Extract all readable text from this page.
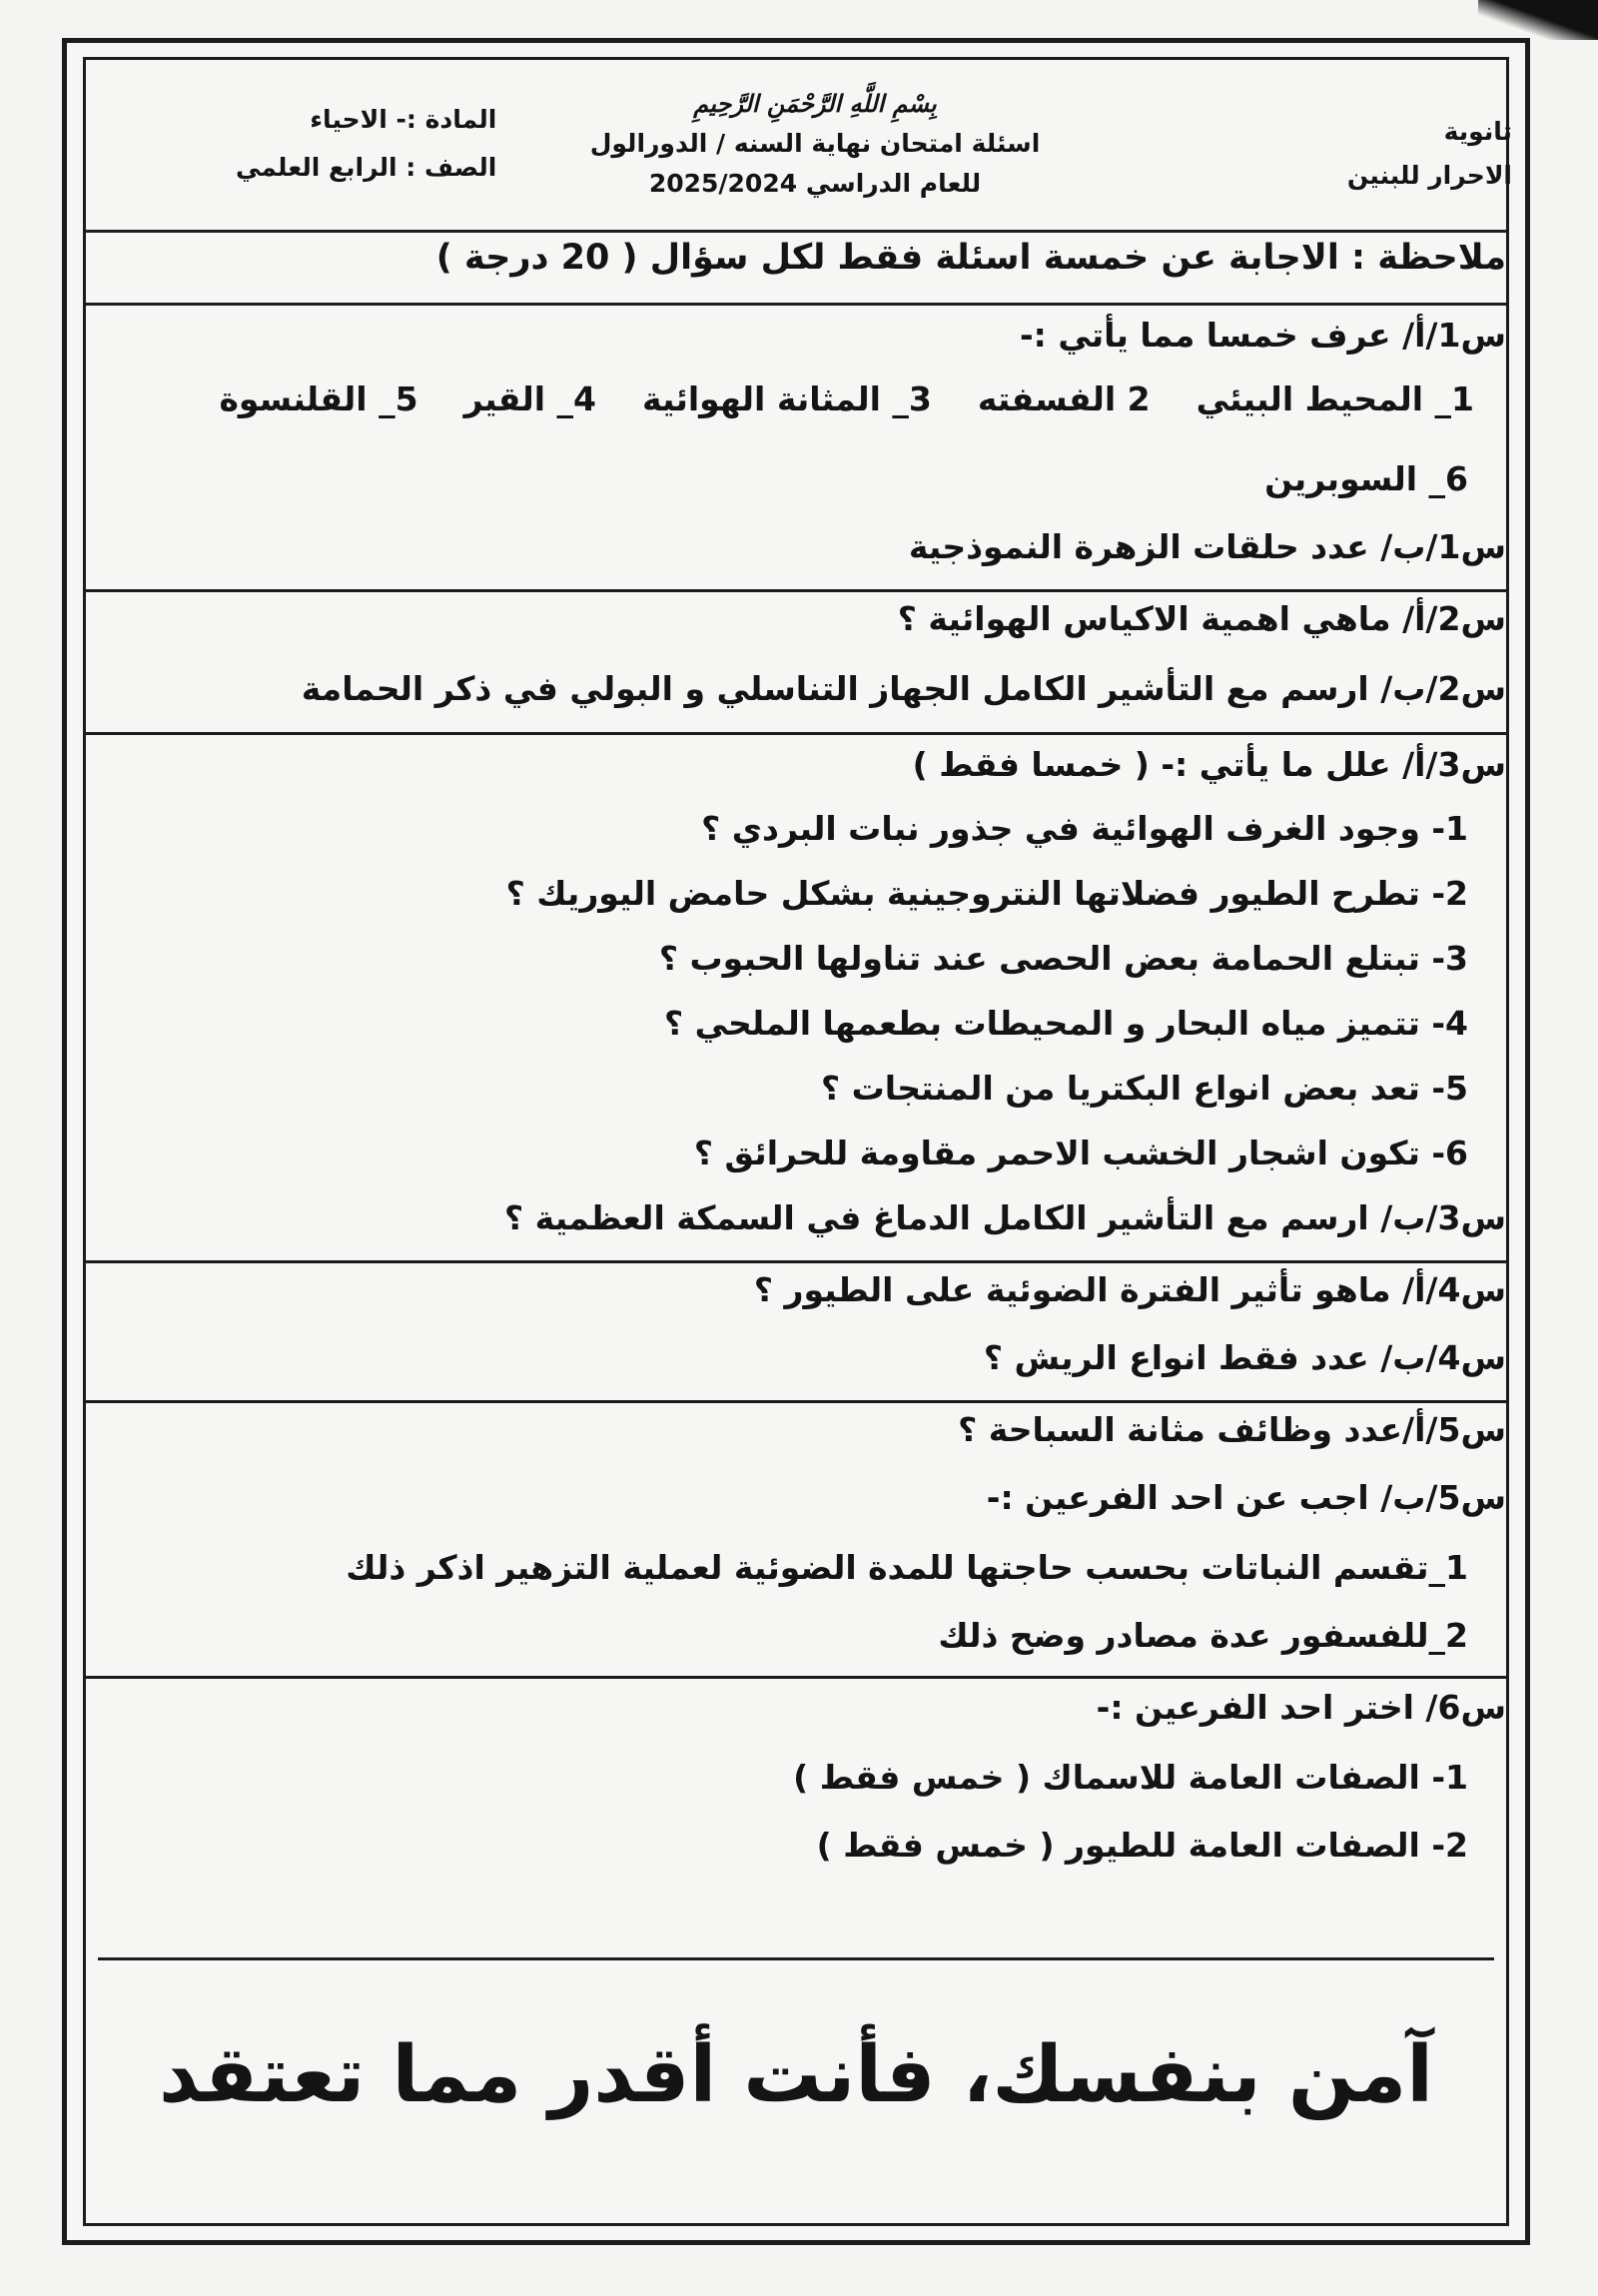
ثانوية
الاحرار للبنين
بِسْمِ اللَّهِ الرَّحْمَنِ الرَّحِيمِ
اسئلة امتحان نهاية السنه / الدورالول
للعام الدراسي 2025/2024
المادة :- الاحياء
الصف : الرابع العلمي
ملاحظة : الاجابة عن خمسة اسئلة فقط لكل سؤال ( 20 درجة )
س1/أ/ عرف خمسا مما يأتي :-
1_ المحيط البيئي
2 الفسفته
3_ المثانة الهوائية
4_ القير
5_ القلنسوة
6_ السوبرين
س1/ب/ عدد حلقات الزهرة النموذجية
س2/أ/ ماهي اهمية الاكياس الهوائية ؟
س2/ب/ ارسم مع التأشير الكامل الجهاز التناسلي و البولي في ذكر الحمامة
س3/أ/ علل ما يأتي :- ( خمسا فقط )
1- وجود الغرف الهوائية في جذور نبات البردي ؟
2- تطرح الطيور فضلاتها النتروجينية بشكل حامض اليوريك ؟
3- تبتلع الحمامة بعض الحصى عند تناولها الحبوب ؟
4- تتميز مياه البحار و المحيطات بطعمها الملحي ؟
5- تعد بعض انواع البكتريا من المنتجات ؟
6- تكون اشجار الخشب الاحمر مقاومة للحرائق ؟
س3/ب/ ارسم مع التأشير الكامل الدماغ في السمكة العظمية ؟
س4/أ/ ماهو تأثير الفترة الضوئية على الطيور ؟
س4/ب/ عدد فقط انواع الريش ؟
س5/أ/عدد وظائف مثانة السباحة ؟
س5/ب/ اجب عن احد الفرعين :-
1_تقسم النباتات بحسب حاجتها للمدة الضوئية لعملية التزهير اذكر ذلك
2_للفسفور عدة مصادر وضح ذلك
س6/ اختر احد الفرعين :-
1- الصفات العامة للاسماك ( خمس فقط )
2- الصفات العامة للطيور ( خمس فقط )
آمن بنفسك، فأنت أقدر مما تعتقد
